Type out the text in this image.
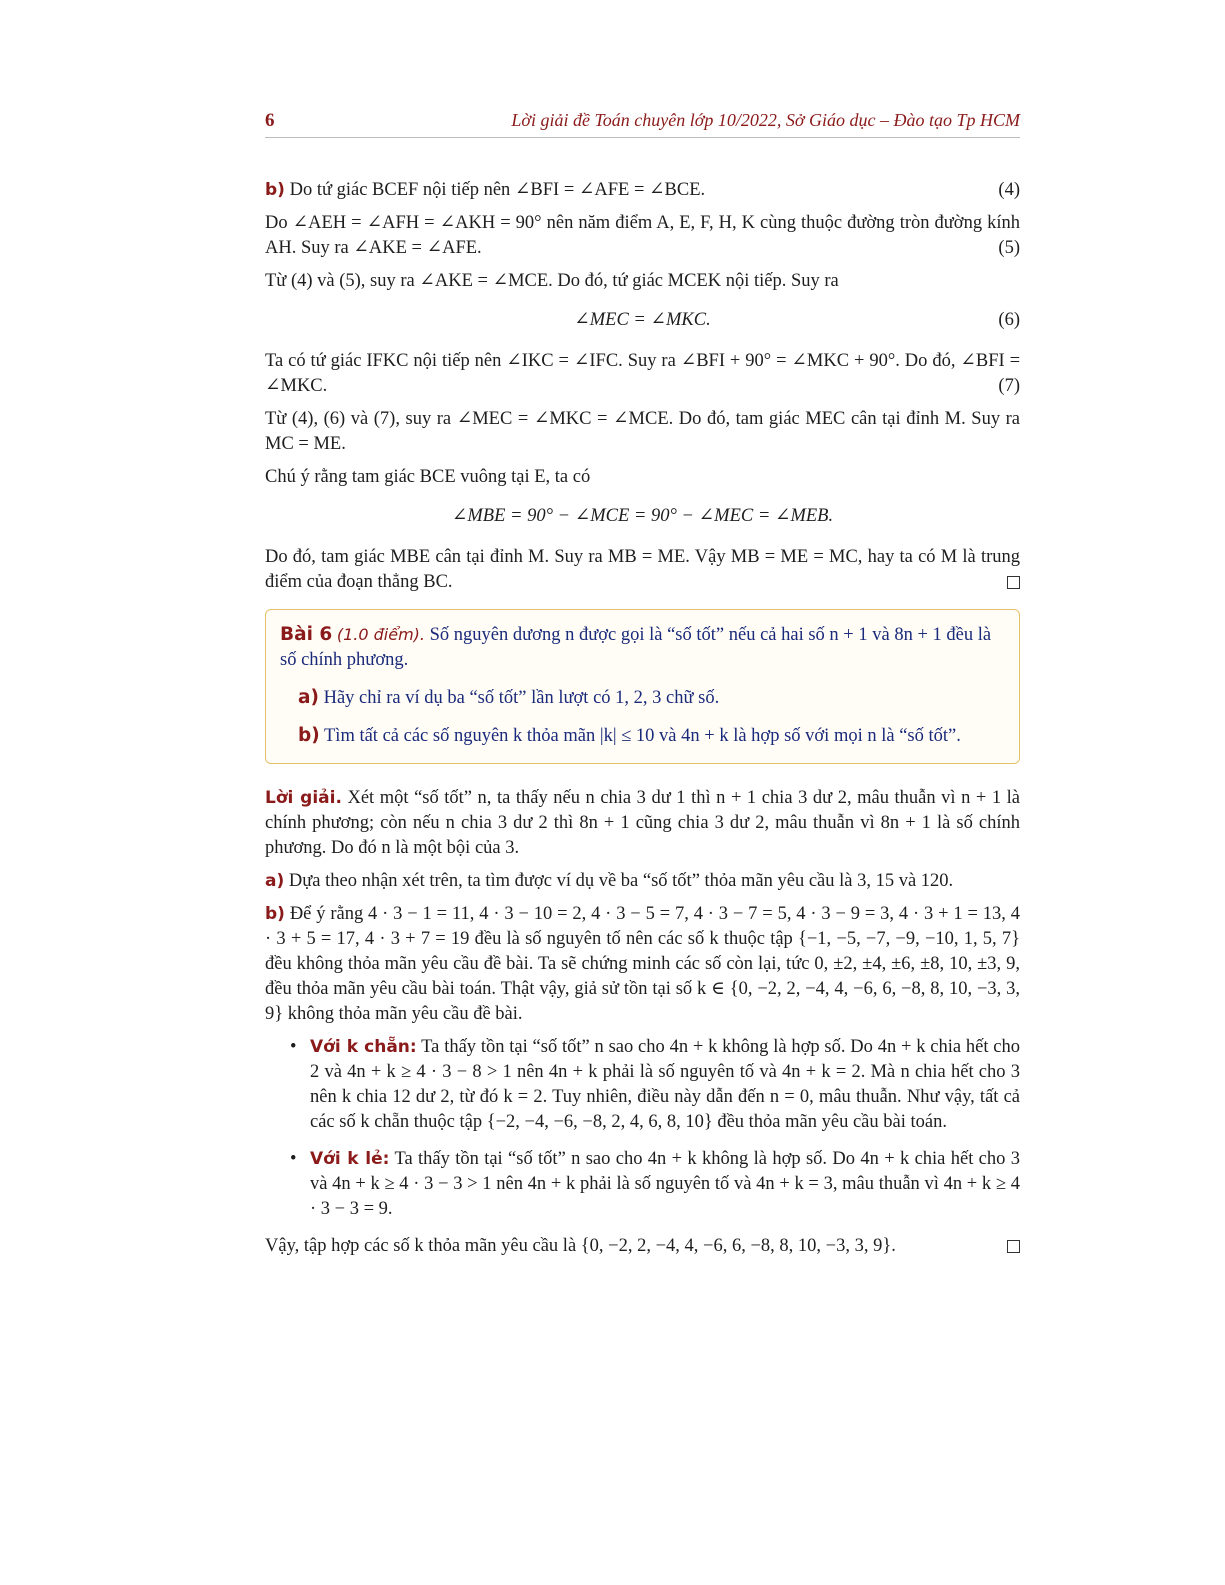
6	Lời giải đề Toán chuyên lớp 10/2022, Sở Giáo dục – Đào tạo Tp HCM

b) Do tứ giác BCEF nội tiếp nên ∠BFI = ∠AFE = ∠BCE.	(4)

Do ∠AEH = ∠AFH = ∠AKH = 90° nên năm điểm A, E, F, H, K cùng thuộc đường tròn đường kính AH. Suy ra ∠AKE = ∠AFE.	(5)

Từ (4) và (5), suy ra ∠AKE = ∠MCE. Do đó, tứ giác MCEK nội tiếp. Suy ra

∠MEC = ∠MKC.	(6)

Ta có tứ giác IFKC nội tiếp nên ∠IKC = ∠IFC. Suy ra ∠BFI + 90° = ∠MKC + 90°. Do đó, ∠BFI = ∠MKC.	(7)

Từ (4), (6) và (7), suy ra ∠MEC = ∠MKC = ∠MCE. Do đó, tam giác MEC cân tại đỉnh M. Suy ra MC = ME.

Chú ý rằng tam giác BCE vuông tại E, ta có

∠MBE = 90° − ∠MCE = 90° − ∠MEC = ∠MEB.

Do đó, tam giác MBE cân tại đỉnh M. Suy ra MB = ME. Vậy MB = ME = MC, hay ta có M là trung điểm của đoạn thẳng BC.

Bài 6 (1.0 điểm). Số nguyên dương n được gọi là “số tốt” nếu cả hai số n + 1 và 8n + 1 đều là số chính phương.
a) Hãy chỉ ra ví dụ ba “số tốt” lần lượt có 1, 2, 3 chữ số.
b) Tìm tất cả các số nguyên k thỏa mãn |k| ≤ 10 và 4n + k là hợp số với mọi n là “số tốt”.

Lời giải. Xét một “số tốt” n, ta thấy nếu n chia 3 dư 1 thì n + 1 chia 3 dư 2, mâu thuẫn vì n + 1 là chính phương; còn nếu n chia 3 dư 2 thì 8n + 1 cũng chia 3 dư 2, mâu thuẫn vì 8n + 1 là số chính phương. Do đó n là một bội của 3.

a) Dựa theo nhận xét trên, ta tìm được ví dụ về ba “số tốt” thỏa mãn yêu cầu là 3, 15 và 120.

b) Để ý rằng 4 · 3 − 1 = 11, 4 · 3 − 10 = 2, 4 · 3 − 5 = 7, 4 · 3 − 7 = 5, 4 · 3 − 9 = 3, 4 · 3 + 1 = 13, 4 · 3 + 5 = 17, 4 · 3 + 7 = 19 đều là số nguyên tố nên các số k thuộc tập {−1, −5, −7, −9, −10, 1, 5, 7} đều không thỏa mãn yêu cầu đề bài. Ta sẽ chứng minh các số còn lại, tức 0, ±2, ±4, ±6, ±8, 10, ±3, 9, đều thỏa mãn yêu cầu bài toán. Thật vậy, giả sử tồn tại số k ∈ {0, −2, 2, −4, 4, −6, 6, −8, 8, 10, −3, 3, 9} không thỏa mãn yêu cầu đề bài.

• Với k chẵn: Ta thấy tồn tại “số tốt” n sao cho 4n + k không là hợp số. Do 4n + k chia hết cho 2 và 4n + k ≥ 4 · 3 − 8 > 1 nên 4n + k phải là số nguyên tố và 4n + k = 2. Mà n chia hết cho 3 nên k chia 12 dư 2, từ đó k = 2. Tuy nhiên, điều này dẫn đến n = 0, mâu thuẫn. Như vậy, tất cả các số k chẵn thuộc tập {−2, −4, −6, −8, 2, 4, 6, 8, 10} đều thỏa mãn yêu cầu bài toán.
• Với k lẻ: Ta thấy tồn tại “số tốt” n sao cho 4n + k không là hợp số. Do 4n + k chia hết cho 3 và 4n + k ≥ 4 · 3 − 3 > 1 nên 4n + k phải là số nguyên tố và 4n + k = 3, mâu thuẫn vì 4n + k ≥ 4 · 3 − 3 = 9.

Vậy, tập hợp các số k thỏa mãn yêu cầu là {0, −2, 2, −4, 4, −6, 6, −8, 8, 10, −3, 3, 9}.
